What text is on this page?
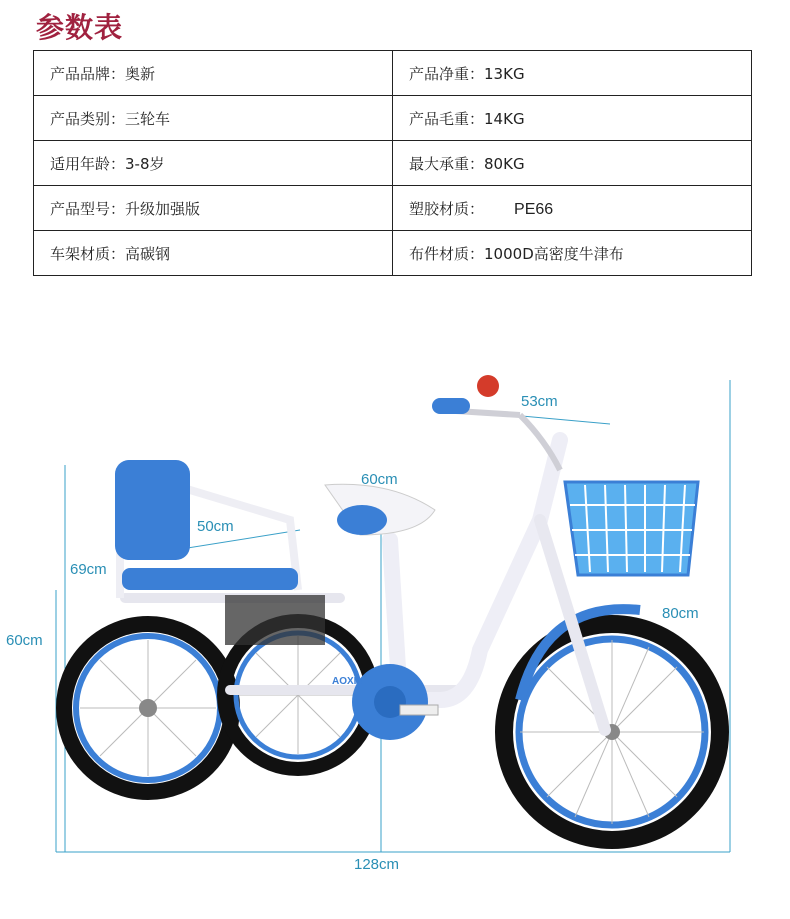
参数表
产品品牌：奥新	产品净重：13KG
产品类别：三轮车	产品毛重：14KG
适用年龄：3-8岁	最大承重：80KG
产品型号：升级加强版	塑胶材质： PE66
车架材质：高碳钢	布件材质：1000D高密度牛津布
AOXIN
53cm
60cm
50cm
69cm
60cm
80cm
128cm
